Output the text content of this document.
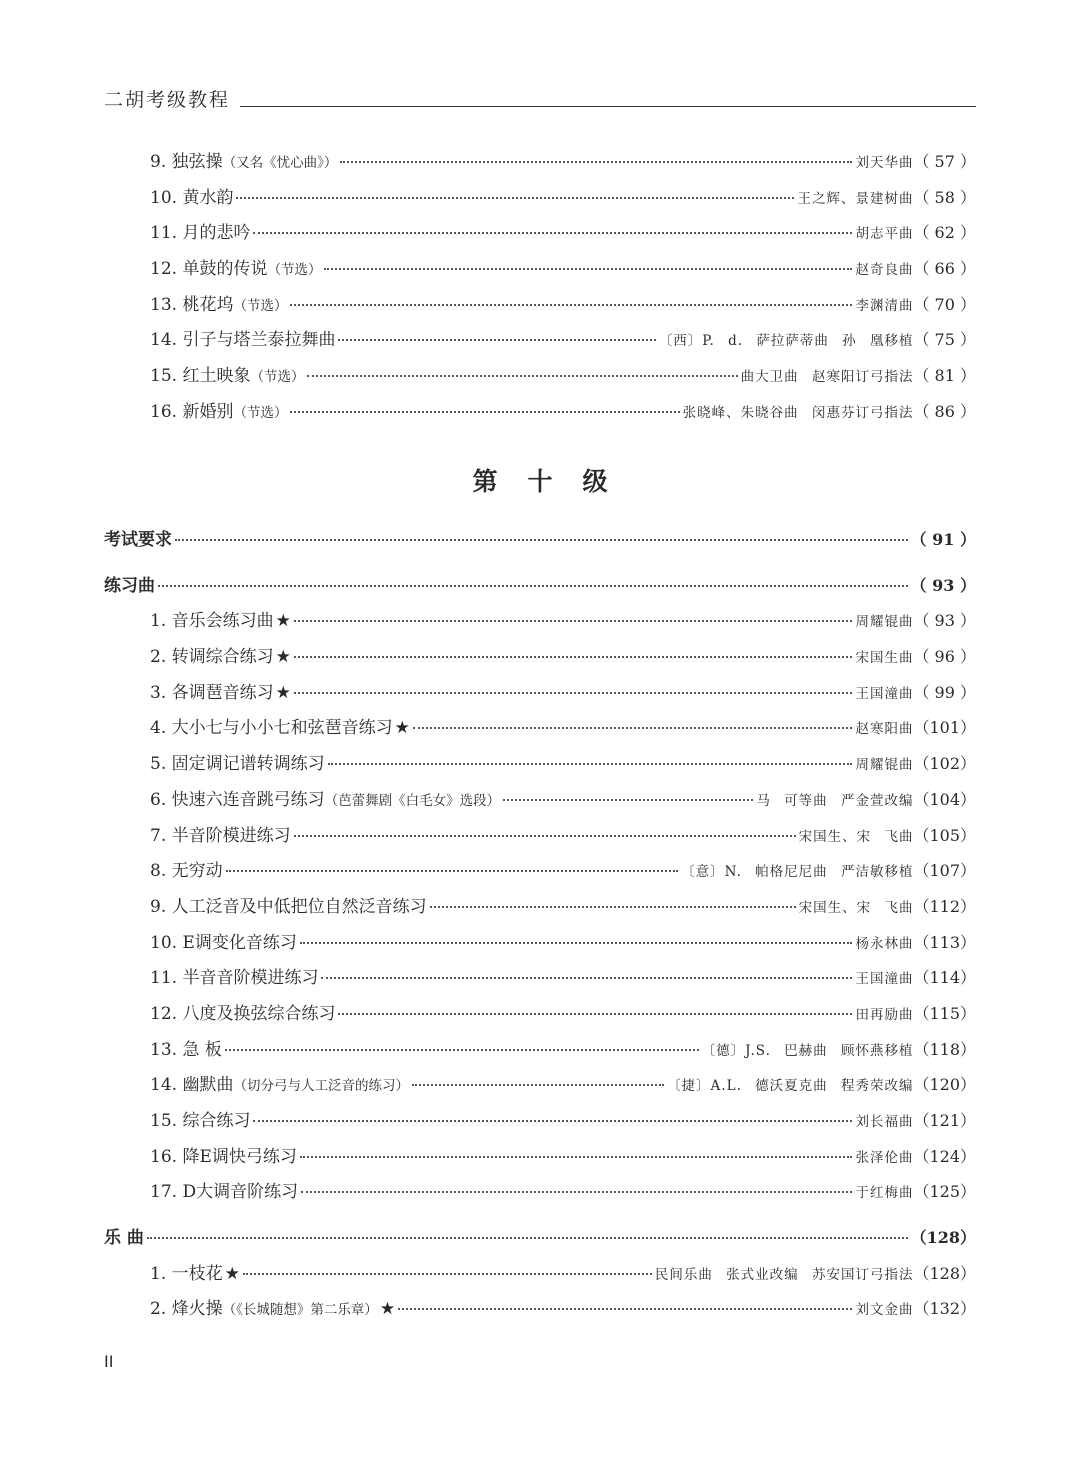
二胡考级教程
9. 独弦操 （又名《忧心曲》）	刘天华曲 （ 57 ）
10. 黄水韵	王之辉、景建树曲 （ 58 ）
11. 月的悲吟	胡志平曲 （ 62 ）
12. 单鼓的传说 （节选）	赵奇良曲 （ 66 ）
13. 桃花坞 （节选）	李渊清曲 （ 70 ）
14. 引子与塔兰泰拉舞曲	〔西〕P. d. 萨拉萨蒂曲 孙 凰移植 （ 75 ）
15. 红土映象 （节选）	曲大卫曲 赵寒阳订弓指法 （ 81 ）
16. 新婚别 （节选）	张晓峰、朱晓谷曲 闵惠芬订弓指法 （ 86 ）
第十级
考试要求	（ 91 ）
练习曲	（ 93 ）
1. 音乐会练习曲 ★	周耀锟曲 （ 93 ）
2. 转调综合练习 ★	宋国生曲 （ 96 ）
3. 各调琶音练习 ★	王国潼曲 （ 99 ）
4. 大小七与小小七和弦琶音练习 ★	赵寒阳曲 （101）
5. 固定调记谱转调练习	周耀锟曲 （102）
6. 快速六连音跳弓练习 （芭蕾舞剧《白毛女》选段）	马 可等曲 严金萱改编 （104）
7. 半音阶模进练习	宋国生、宋 飞曲 （105）
8. 无穷动	〔意〕N. 帕格尼尼曲 严洁敏移植 （107）
9. 人工泛音及中低把位自然泛音练习	宋国生、宋 飞曲 （112）
10. E调变化音练习	杨永林曲 （113）
11. 半音音阶模进练习	王国潼曲 （114）
12. 八度及换弦综合练习	田再励曲 （115）
13. 急 板	〔德〕J.S. 巴赫曲 顾怀燕移植 （118）
14. 幽默曲 （切分弓与人工泛音的练习）	〔捷〕A.L. 德沃夏克曲 程秀荣改编 （120）
15. 综合练习	刘长福曲 （121）
16. 降E调快弓练习	张泽伦曲 （124）
17. D大调音阶练习	于红梅曲 （125）
乐 曲	（128）
1. 一枝花 ★	民间乐曲 张式业改编 苏安国订弓指法 （128）
2. 烽火操 （《长城随想》第二乐章） ★	刘文金曲 （132）
II
